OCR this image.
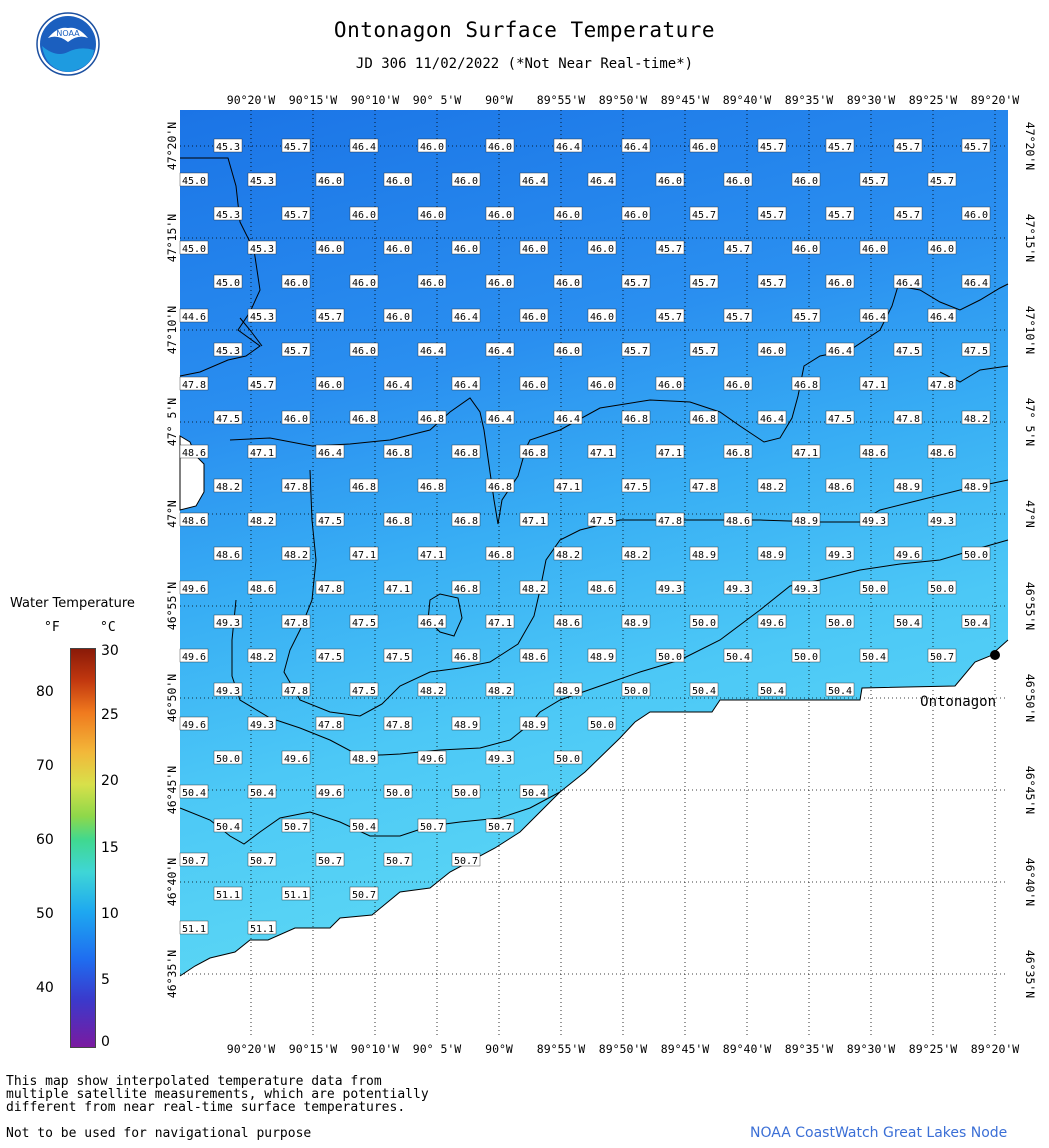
Ontonagon Surface Temperature
JD 306 11/02/2022 (*Not Near Real-time*)
NOAA
45.3	45.7	46.4	46.0	46.0	46.4	46.4	46.0	45.7	45.7	45.7	45.7
45.0	45.3	46.0	46.0	46.0	46.4	46.4	46.0	46.0	46.0	45.7	45.7
45.3	45.7	46.0	46.0	46.0	46.0	46.0	45.7	45.7	45.7	45.7	46.0
45.0	45.3	46.0	46.0	46.0	46.0	46.0	45.7	45.7	46.0	46.0	46.0
45.0	46.0	46.0	46.0	46.0	46.0	45.7	45.7	45.7	46.0	46.4	46.4
44.6	45.3	45.7	46.0	46.4	46.0	46.0	45.7	45.7	45.7	46.4	46.4
45.3	45.7	46.0	46.4	46.4	46.0	45.7	45.7	46.0	46.4	47.5	47.5
47.8	45.7	46.0	46.4	46.4	46.0	46.0	46.0	46.0	46.8	47.1	47.8
47.5	46.0	46.8	46.8	46.4	46.4	46.8	46.8	46.4	47.5	47.8	48.2
48.6	47.1	46.4	46.8	46.8	46.8	47.1	47.1	46.8	47.1	48.6	48.6
48.2	47.8	46.8	46.8	46.8	47.1	47.5	47.8	48.2	48.6	48.9	48.9
48.6	48.2	47.5	46.8	46.8	47.1	47.5	47.8	48.6	48.9	49.3	49.3
48.6	48.2	47.1	47.1	46.8	48.2	48.2	48.9	48.9	49.3	49.6	50.0
49.6	48.6	47.8	47.1	46.8	48.2	48.6	49.3	49.3	49.3	50.0	50.0
49.3	47.8	47.5	46.4	47.1	48.6	48.9	50.0	49.6	50.0	50.4	50.4
49.6	48.2	47.5	47.5	46.8	48.6	48.9	50.0	50.4	50.0	50.4	50.7
49.3	47.8	47.5	48.2	48.2	48.9	50.0	50.4	50.4	50.4
49.6	49.3	47.8	47.8	48.9	48.9	50.0
50.0	49.6	48.9	49.6	49.3	50.0
50.4	50.4	49.6	50.0	50.0	50.4
50.4	50.7	50.4	50.7	50.7
50.7	50.7	50.7	50.7	50.7
51.1	51.1	50.7
51.1	51.1
90°20'W 90°15'W 90°10'W 90° 5'W 90°W 89°55'W 89°50'W 89°45'W 89°40'W 89°35'W 89°30'W 89°25'W 89°20'W
90°20'W 90°15'W 90°10'W 90° 5'W 90°W 89°55'W 89°50'W 89°45'W 89°40'W 89°35'W 89°30'W 89°25'W 89°20'W
47°20'N
47°15'N
47°10'N
47° 5'N
47°N
46°55'N
46°50'N
46°45'N
46°40'N
46°35'N
47°20'N
47°15'N
47°10'N
47° 5'N
47°N
46°55'N
46°50'N
46°45'N
46°40'N
46°35'N
Ontonagon
Water Temperature
°F	°C
80
70
60
50
40
30
25
20
15
10
5
0
This map show interpolated temperature data from
multiple satellite measurements, which are potentially
different from near real-time surface temperatures.
Not to be used for navigational purpose	NOAA CoastWatch Great Lakes Node
